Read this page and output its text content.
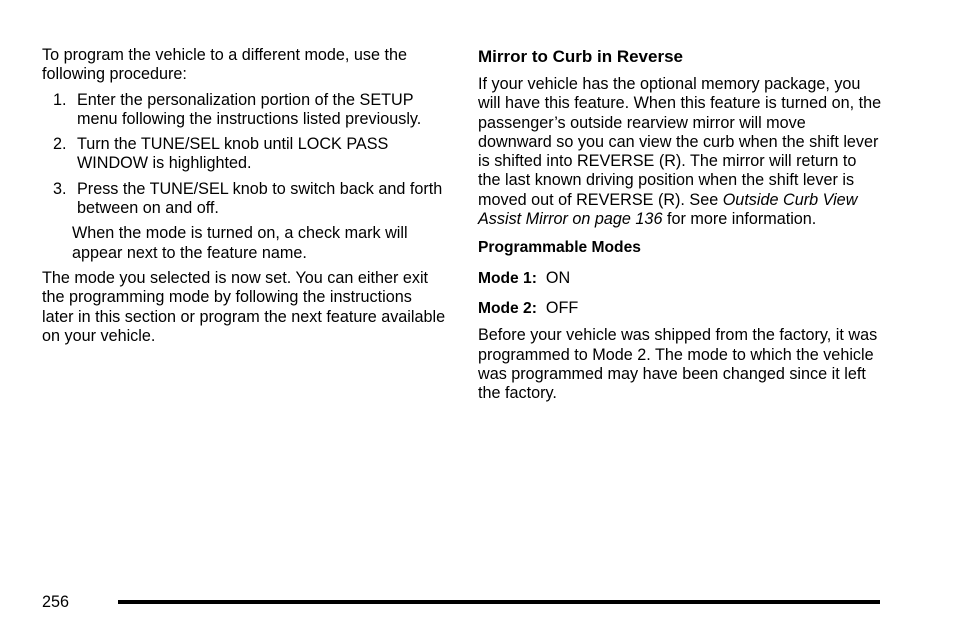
To program the vehicle to a different mode, use the following procedure:

1. Enter the personalization portion of the SETUP menu following the instructions listed previously.
2. Turn the TUNE/SEL knob until LOCK PASS WINDOW is highlighted.
3. Press the TUNE/SEL knob to switch back and forth between on and off.

When the mode is turned on, a check mark will appear next to the feature name.

The mode you selected is now set. You can either exit the programming mode by following the instructions later in this section or program the next feature available on your vehicle.

Mirror to Curb in Reverse

If your vehicle has the optional memory package, you will have this feature. When this feature is turned on, the passenger’s outside rearview mirror will move downward so you can view the curb when the shift lever is shifted into REVERSE (R). The mirror will return to the last known driving position when the shift lever is moved out of REVERSE (R). See Outside Curb View Assist Mirror on page 136 for more information.

Programmable Modes

Mode 1: ON

Mode 2: OFF

Before your vehicle was shipped from the factory, it was programmed to Mode 2. The mode to which the vehicle was programmed may have been changed since it left the factory.

256
